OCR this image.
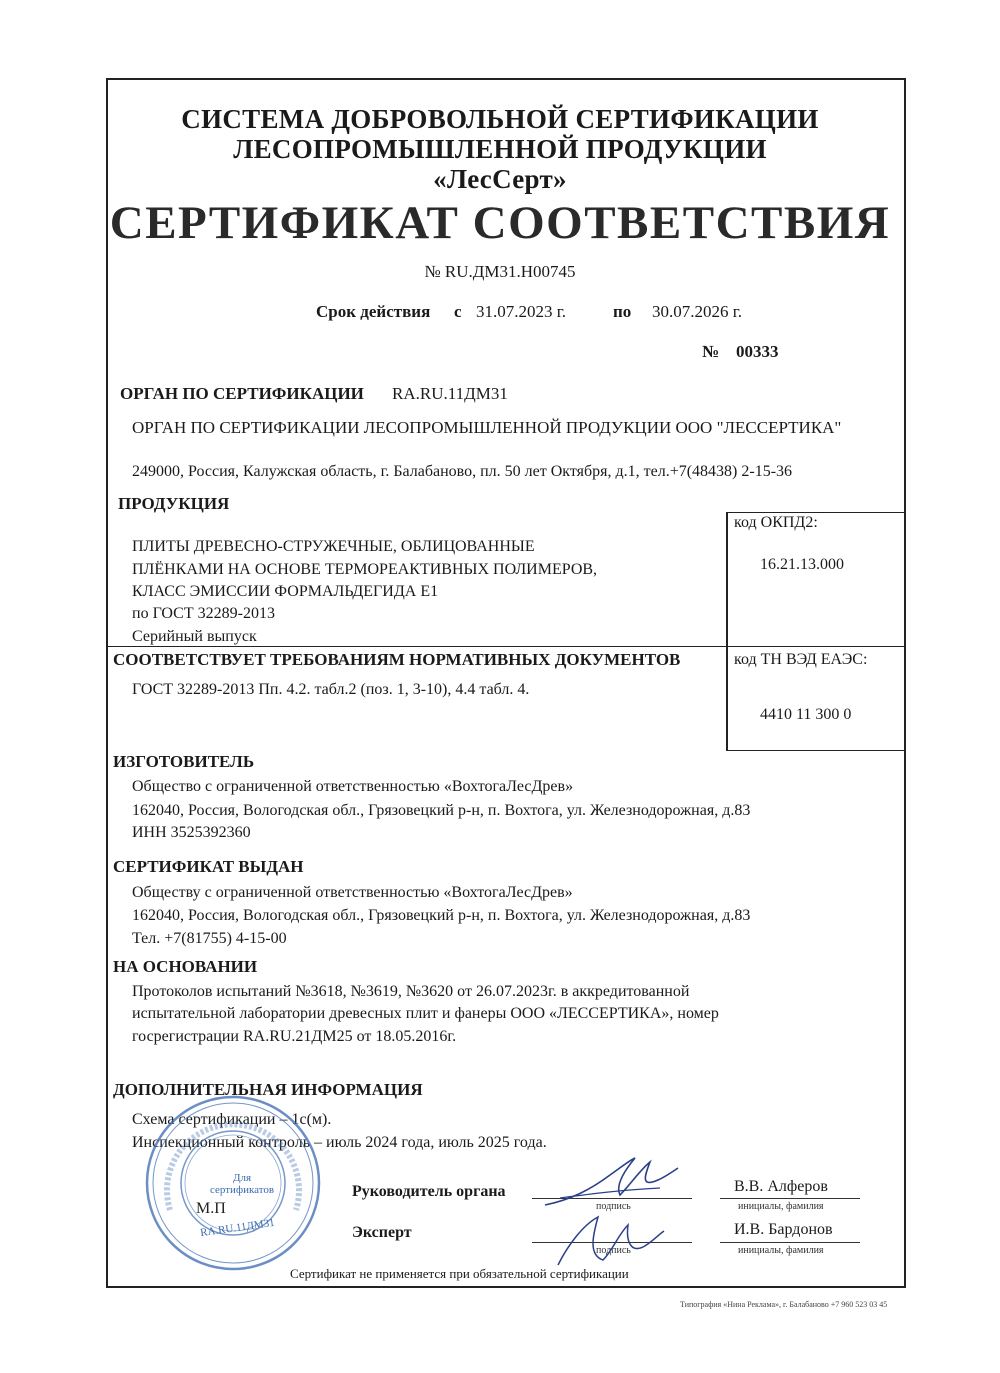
СИСТЕМА ДОБРОВОЛЬНОЙ СЕРТИФИКАЦИИ
ЛЕСОПРОМЫШЛЕННОЙ ПРОДУКЦИИ
«ЛесСерт»
СЕРТИФИКАТ СООТВЕТСТВИЯ
№ RU.ДМ31.Н00745
Срок действия с 31.07.2023 г.	по 30.07.2026 г.
№ 00333
ОРГАН ПО СЕРТИФИКАЦИИ RA.RU.11ДМ31
ОРГАН ПО СЕРТИФИКАЦИИ ЛЕСОПРОМЫШЛЕННОЙ ПРОДУКЦИИ ООО "ЛЕССЕРТИКА"
249000, Россия, Калужская область, г. Балабаново, пл. 50 лет Октября, д.1, тел.+7(48438) 2-15-36
ПРОДУКЦИЯ
код ОКПД2:
16.21.13.000
ПЛИТЫ ДРЕВЕСНО-СТРУЖЕЧНЫЕ, ОБЛИЦОВАННЫЕ
ПЛЁНКАМИ НА ОСНОВЕ ТЕРМОРЕАКТИВНЫХ ПОЛИМЕРОВ,
КЛАСС ЭМИССИИ ФОРМАЛЬДЕГИДА Е1
по ГОСТ 32289-2013
Серийный выпуск
СООТВЕТСТВУЕТ ТРЕБОВАНИЯМ НОРМАТИВНЫХ ДОКУМЕНТОВ	код ТН ВЭД ЕАЭС:
4410 11 300 0
ГОСТ 32289-2013 Пп. 4.2. табл.2 (поз. 1, 3-10), 4.4 табл. 4.
ИЗГОТОВИТЕЛЬ
Общество с ограниченной ответственностью «ВохтогаЛесДрев»
162040, Россия, Вологодская обл., Грязовецкий р-н, п. Вохтога, ул. Железнодорожная, д.83
ИНН 3525392360
СЕРТИФИКАТ ВЫДАН
Обществу с ограниченной ответственностью «ВохтогаЛесДрев»
162040, Россия, Вологодская обл., Грязовецкий р-н, п. Вохтога, ул. Железнодорожная, д.83
Тел. +7(81755) 4-15-00
НА ОСНОВАНИИ
Протоколов испытаний №3618, №3619, №3620 от 26.07.2023г. в аккредитованной
испытательной лаборатории древесных плит и фанеры ООО «ЛЕССЕРТИКА», номер
госрегистрации RA.RU.21ДМ25 от 18.05.2016г.
ДОПОЛНИТЕЛЬНАЯ ИНФОРМАЦИЯ
Схема сертификации – 1с(м).
Инспекционный контроль – июль 2024 года, июль 2025 года.
Для сертификатов
М.П
RA.RU.11ДМ31
Руководитель органа
подпись
В.В. Алферов
инициалы, фамилия
Эксперт
подпись
И.В. Бардонов
инициалы, фамилия
Сертификат не применяется при обязательной сертификации
Типография «Нина Реклама», г. Балабаново +7 960 523 03 45
